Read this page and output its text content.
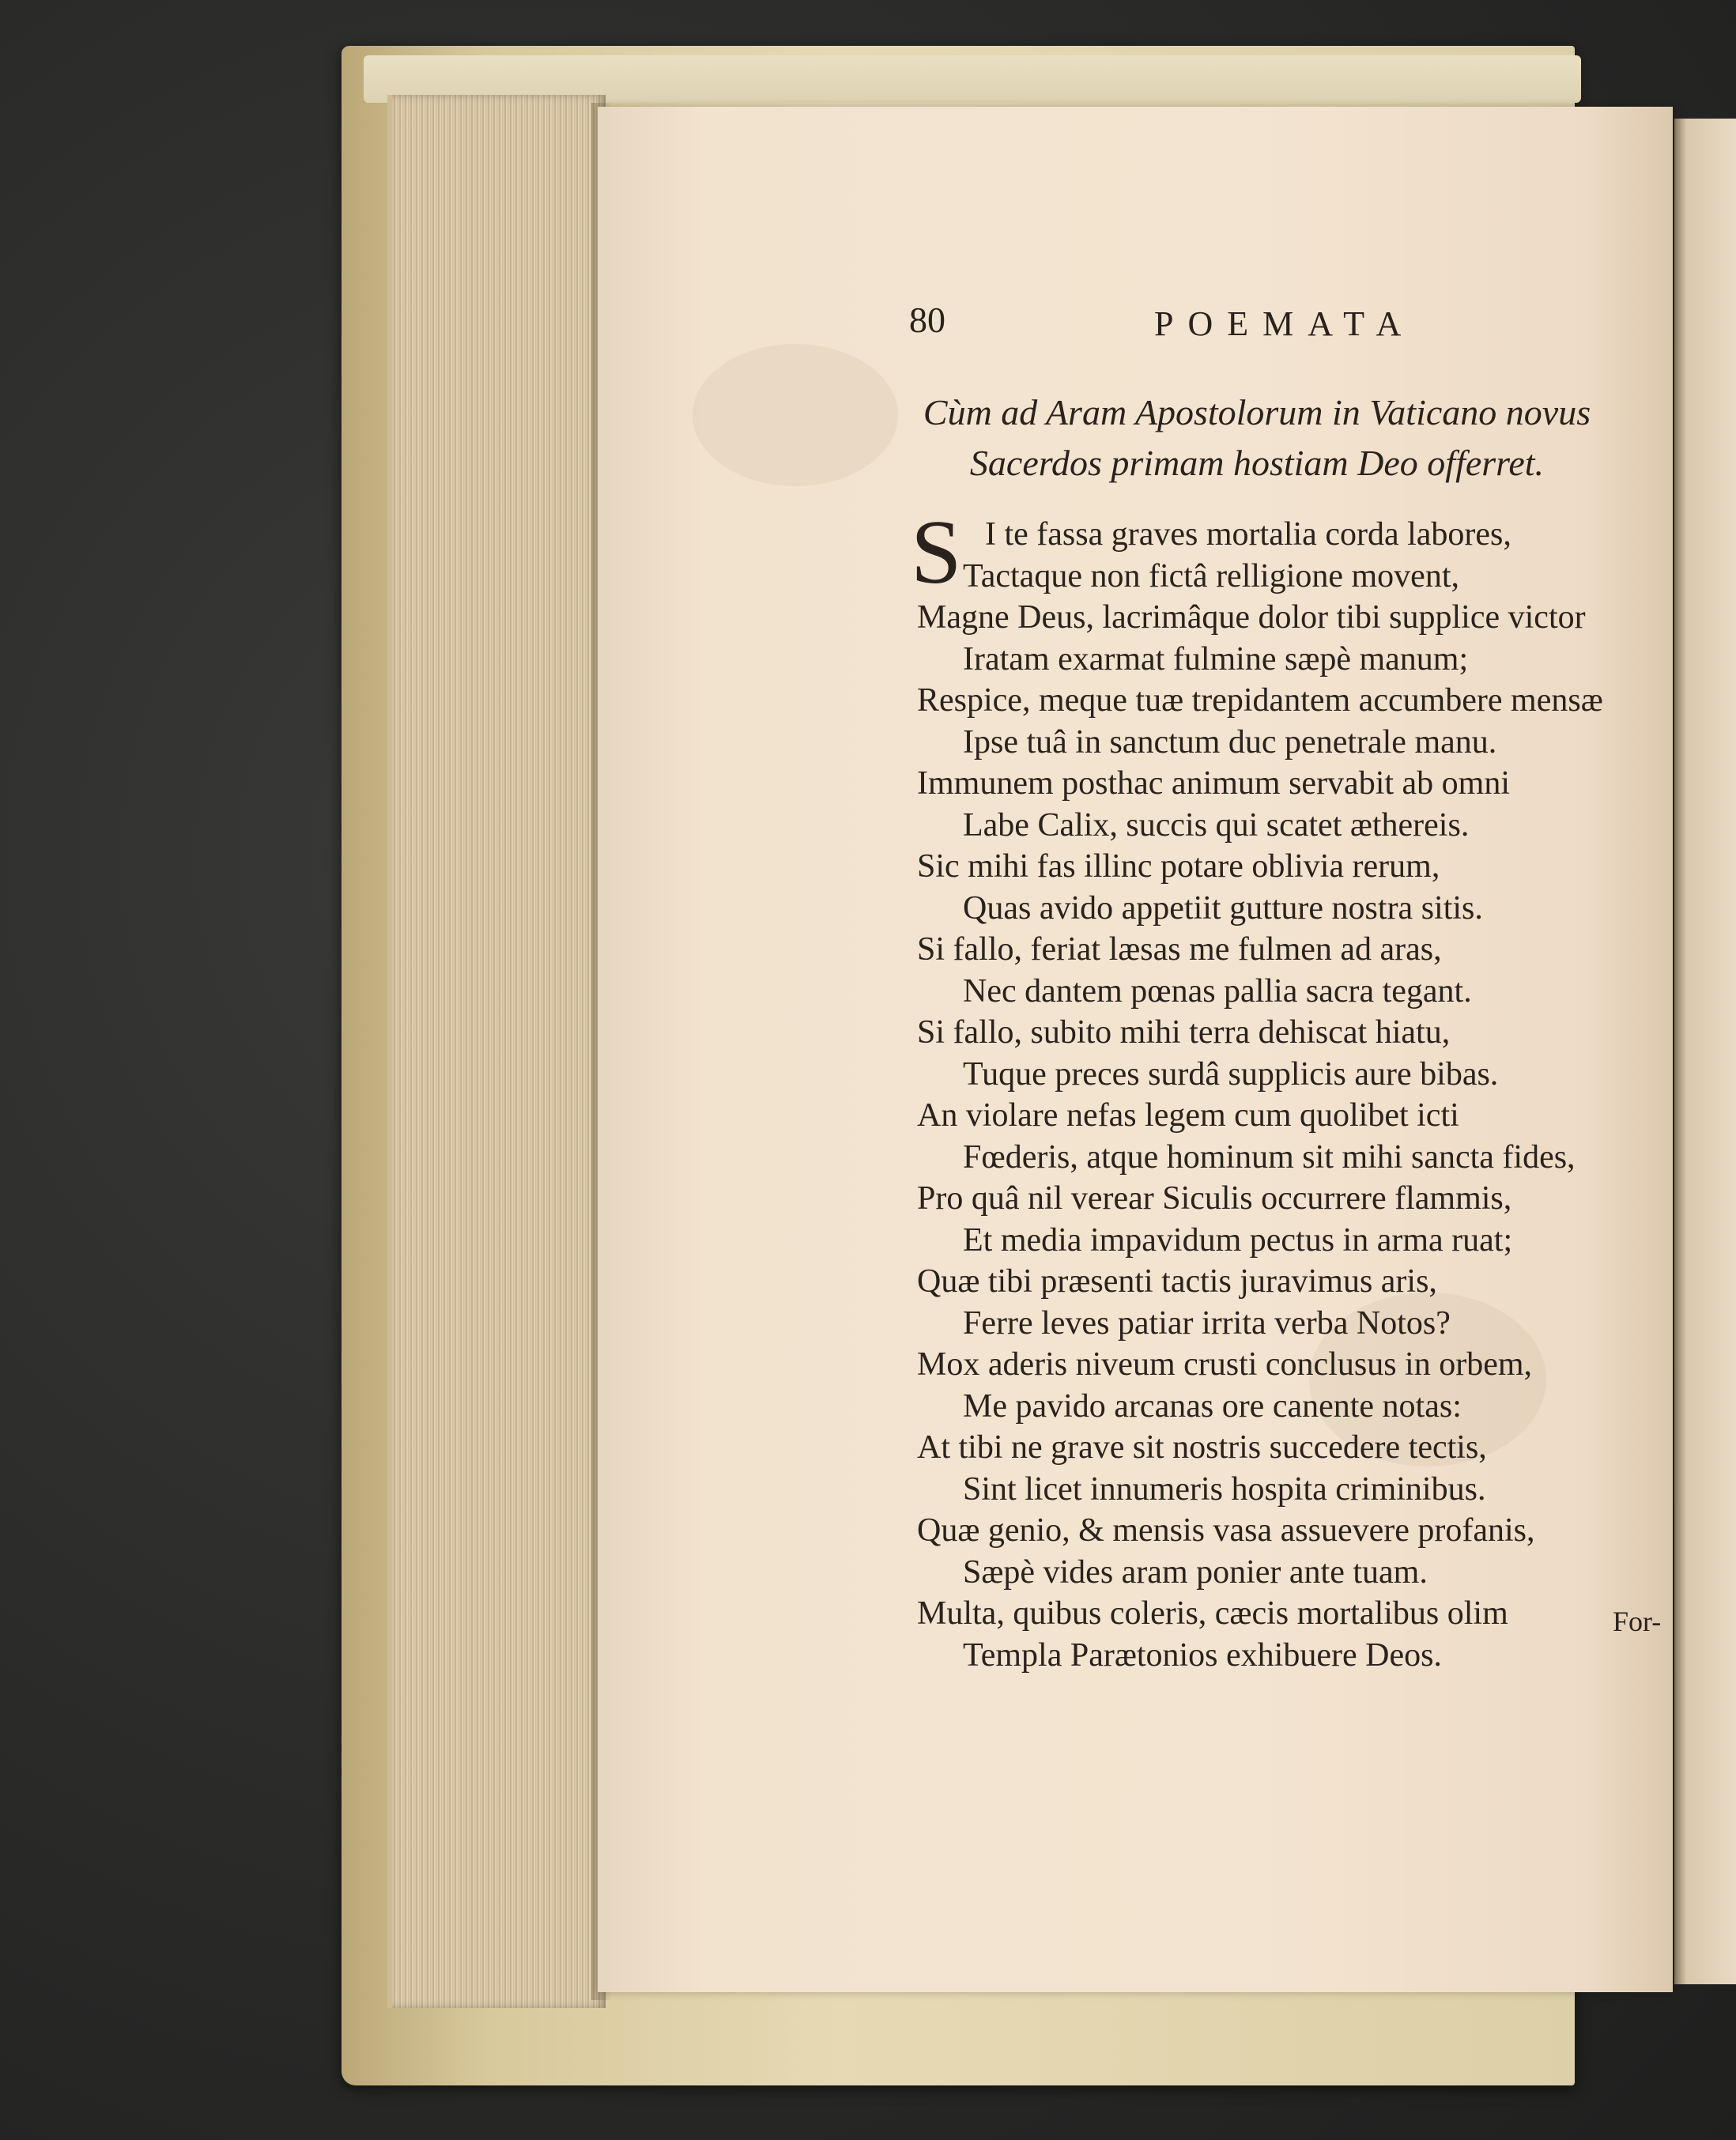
80	POEMATA
Cùm ad Aram Apostolorum in Vaticano novus
Sacerdos primam hostiam Deo offerret.
S I te fassa graves mortalia corda labores,
Tactaque non fictâ relligione movent,
Magne Deus, lacrimâque dolor tibi supplice victor
Iratam exarmat fulmine sæpè manum;
Respice, meque tuæ trepidantem accumbere mensæ
Ipse tuâ in sanctum duc penetrale manu.
Immunem posthac animum servabit ab omni
Labe Calix, succis qui scatet æthereis.
Sic mihi fas illinc potare oblivia rerum,
Quas avido appetiit gutture nostra sitis.
Si fallo, feriat læsas me fulmen ad aras,
Nec dantem pœnas pallia sacra tegant.
Si fallo, subito mihi terra dehiscat hiatu,
Tuque preces surdâ supplicis aure bibas.
An violare nefas legem cum quolibet icti
Fœderis, atque hominum sit mihi sancta fides,
Pro quâ nil verear Siculis occurrere flammis,
Et media impavidum pectus in arma ruat;
Quæ tibi præsenti tactis juravimus aris,
Ferre leves patiar irrita verba Notos?
Mox aderis niveum crusti conclusus in orbem,
Me pavido arcanas ore canente notas:
At tibi ne grave sit nostris succedere tectis,
Sint licet innumeris hospita criminibus.
Quæ genio, & mensis vasa assuevere profanis,
Sæpè vides aram ponier ante tuam.
Multa, quibus coleris, cæcis mortalibus olim
Templa Parætonios exhibuere Deos.
For-
